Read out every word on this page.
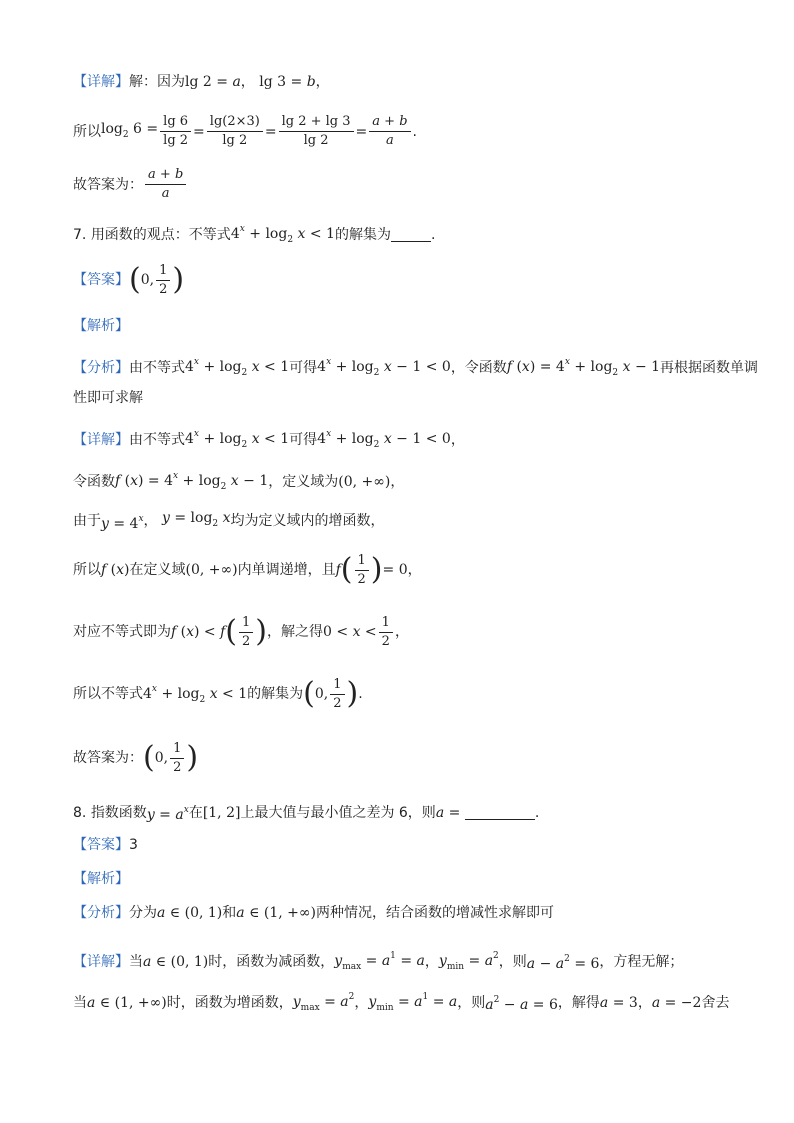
【详解】 解：因为 lg 2 = a ， lg 3 = b ，
所以 $\log_2 6 = \frac{\lg 6}{\lg 2} = \frac{\lg(2\times 3)}{\lg 2} = \frac{\lg 2 + \lg 3}{\lg 2} = \frac{a + b}{a}$ .
故答案为： $\frac{a + b}{a}$
7.
用函数的观点：不等式 $4^x + \log_2 x < 1$ 的解集为	.
【答案】 ( 0, $\frac{1}{2}$ )
【解析】
【分析】 由不等式 $4^x + \log_2 x < 1$ 可得 $4^x + \log_2 x - 1 < 0$ ，令函数 f $(x) = 4^x + \log_2 x - 1$ 再根据函数单调
性即可求解
【详解】 由不等式 $4^x + \log_2 x < 1$ 可得 $4^x + \log_2 x - 1 < 0$ ，
令函数 f $(x) = 4^x + \log_2 x - 1$ ，定义域为 (0, +∞) ，
由于 $y = 4^x$ ， $y = \log_2 x$ 均为定义域内的增函数，
所以 f (x) 在定义域 (0, +∞) 内单调递增，且 f ( $\frac{1}{2}$ ) = 0 ，
对应不等式即为 f (x) < f ( $\frac{1}{2}$ ) ，解之得 $0 < x < \frac{1}{2}$ ，
所以不等式 $4^x + \log_2 x < 1$ 的解集为 ( 0, $\frac{1}{2}$ ) .
故答案为： ( 0, $\frac{1}{2}$ )
8.
指数函数 $y = a^x$ 在 [1, 2] 上最大值与最小值之差为 6，则 a =
	.
【答案】 3
【解析】
【分析】 分为 a ∈ (0, 1) 和 a ∈ (1, +∞) 两种情况，结合函数的增减性求解即可
【详解】 当 a ∈ (0, 1) 时，函数为减函数， $y_{max} = a^1 = a$ ， $y_{min} = a^2$ ，则 $a - a^2 = 6$ ，方程无解；
当 a ∈ (1, +∞) 时，函数为增函数， $y_{max} = a^2$ ， $y_{min} = a^1 = a$ ，则 $a^2 - a = 6$ ，解得 a = 3 ， a = −2 舍去
